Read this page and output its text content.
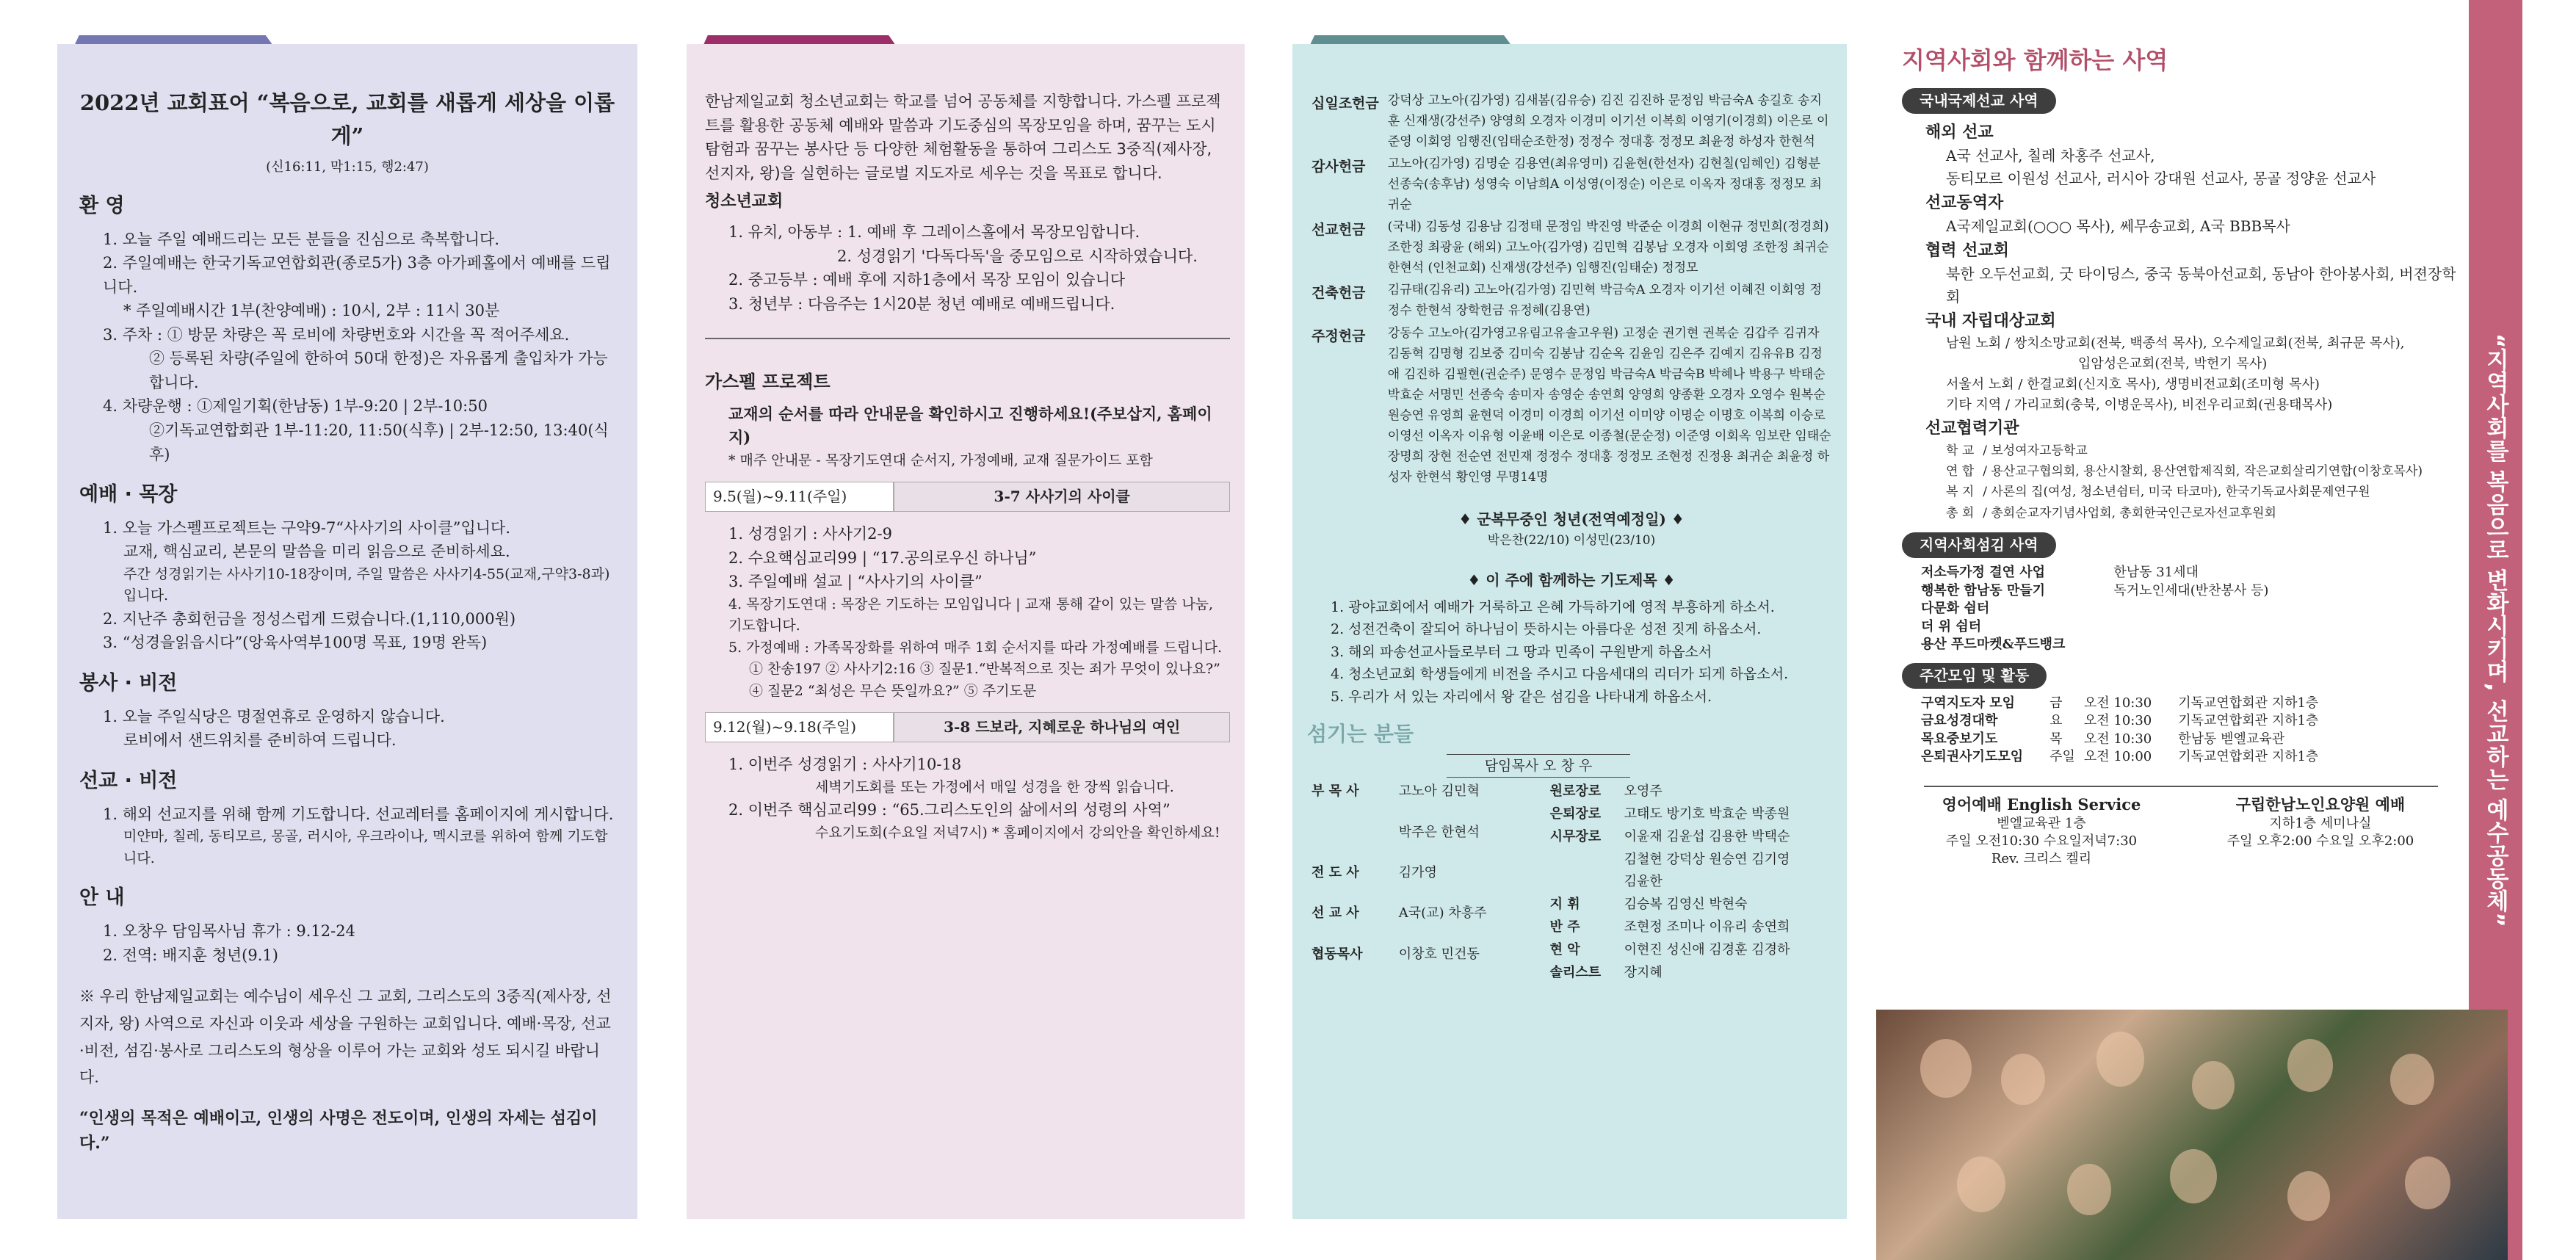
2022년 교회표어 “복음으로, 교회를 새롭게 세상을 이롭게”
(신16:11, 막1:15, 행2:47)
환 영
1. 오늘 주일 예배드리는 모든 분들을 진심으로 축복합니다.
2. 주일예배는 한국기독교연합회관(종로5가) 3층 아가페홀에서 예배를 드립니다.
* 주일예배시간 1부(찬양예배) : 10시, 2부 : 11시 30분
3. 주차 : ① 방문 차량은 꼭 로비에 차량번호와 시간을 꼭 적어주세요.
② 등록된 차량(주일에 한하여 50대 한정)은 자유롭게 출입차가 가능합니다.
4. 차량운행 : ①제일기획(한남동) 1부-9:20 | 2부-10:50
②기독교연합회관 1부-11:20, 11:50(식후) | 2부-12:50, 13:40(식후)
예배 · 목장
1. 오늘 가스펠프로젝트는 구약9-7“사사기의 사이클”입니다.
교재, 핵심교리, 본문의 말씀을 미리 읽음으로 준비하세요.
주간 성경읽기는 사사기10-18장이며, 주일 말씀은 사사기4-55(교재,구약3-8과)입니다.
2. 지난주 총회헌금을 정성스럽게 드렸습니다.(1,110,000원)
3. “성경을읽읍시다”(앙육사역부100명 목표, 19명 완독)
봉사 · 비전
1. 오늘 주일식당은 명절연휴로 운영하지 않습니다.
로비에서 샌드위치를 준비하여 드립니다.
선교 · 비전
1. 해외 선교지를 위해 함께 기도합니다. 선교레터를 홈페이지에 게시합니다.
미얀마, 칠레, 동티모르, 몽골, 러시아, 우크라이나, 멕시코를 위하여 함께 기도합니다.
안 내
1. 오창우 담임목사님 휴가 : 9.12-24
2. 전역: 배지훈 청년(9.1)
※ 우리 한남제일교회는 예수님이 세우신 그 교회, 그리스도의 3중직(제사장, 선지자, 왕) 사역으로 자신과 이웃과 세상을 구원하는 교회입니다. 예배·목장, 선교·비전, 섬김·봉사로 그리스도의 형상을 이루어 가는 교회와 성도 되시길 바랍니다.
“인생의 목적은 예배이고, 인생의 사명은 전도이며, 인생의 자세는 섬김이다.”
한남제일교회 청소년교회는 학교를 넘어 공동체를 지향합니다. 가스펠 프로젝트를 활용한 공동체 예배와 말씀과 기도중심의 목장모임을 하며, 꿈꾸는 도시탐험과 꿈꾸는 봉사단 등 다양한 체험활동을 통하여 그리스도 3중직(제사장, 선지자, 왕)을 실현하는 글로벌 지도자로 세우는 것을 목표로 합니다.
청소년교회
1. 유치, 아동부 : 1. 예배 후 그레이스홀에서 목장모임합니다.
2. 성경읽기 '다독다독'을 중모임으로 시작하였습니다.
2. 중고등부 : 예배 후에 지하1층에서 목장 모임이 있습니다
3. 청년부 : 다음주는 1시20분 청년 예배로 예배드립니다.
가스펠 프로젝트
교재의 순서를 따라 안내문을 확인하시고 진행하세요!(주보삽지, 홈페이지)
* 매주 안내문 - 목장기도연대 순서지, 가정예배, 교재 질문가이드 포함
9.5(월)~9.11(주일)	3-7 사사기의 사이클
1. 성경읽기 : 사사기2-9
2. 수요핵심교리99 | “17.공의로우신 하나님”
3. 주일예배 설교 | “사사기의 사이클”
4. 목장기도연대 : 목장은 기도하는 모임입니다 | 교재 통해 같이 있는 말씀 나눔, 기도합니다.
5. 가정예배 : 가족목장화를 위하여 매주 1회 순서지를 따라 가정예배를 드립니다.
① 찬송197 ② 사사기2:16 ③ 질문1.“반복적으로 짓는 죄가 무엇이 있나요?”
④ 질문2 “최성은 무슨 뜻일까요?” ⑤ 주기도문
9.12(월)~9.18(주일)	3-8 드보라, 지혜로운 하나님의 여인
1. 이번주 성경읽기 : 사사기10-18
세벽기도회를 또는 가정에서 매일 성경을 한 장씩 읽습니다.
2. 이번주 핵심교리99 : “65.그리스도인의 삶에서의 성령의 사역”
수요기도회(수요일 저녁7시) * 홈페이지에서 강의안을 확인하세요!
십일조헌금	강덕상 고노아(김가영) 김새봄(김유승) 김진 김진하 문정임 박금숙A 송길호 송지훈 신재생(강선주) 양영희 오경자 이경미 이기선 이복희 이영기(이경희) 이은로 이준영 이회영 임행진(임태순조한정) 정정수 정대홍 정정모 최윤정 하성자 한현석
감사헌금	고노아(김가영) 김명순 김용연(최유영미) 김윤현(한선자) 김현칠(임혜인) 김형분 선종숙(송후남) 성영숙 이남희A 이성영(이정순) 이은로 이옥자 정대홍 정정모 최귀순
선교헌금	(국내) 김동성 김용남 김정태 문정임 박진영 박준순 이경희 이현규 정민희(정경희) 조한정 최광윤 (해외) 고노아(김가영) 김민혁 김봉남 오경자 이회영 조한정 최귀순 한현석 (인천교회) 신재생(강선주) 임행진(임태순) 정정모
건축헌금	김규태(김유리) 고노아(김가영) 김민혁 박금숙A 오경자 이기선 이혜진 이회영 정정수 한현석 장학헌금 유정혜(김용연)
주정헌금	강동수 고노아(김가영고유림고유솔고우원) 고정순 권기현 권복순 김갑주 김귀자 김동혁 김명형 김보중 김미숙 김봉남 김순옥 김윤임 김은주 김예지 김유유B 김정애 김진하 김필현(권순주) 문영수 문정임 박금숙A 박금숙B 박혜나 박용구 박태순 박효순 서명민 선종숙 송미자 송영순 송연희 양영희 양종환 오경자 오영수 원복순 원승연 유영희 윤현덕 이경미 이경희 이기선 이미양 이명순 이명호 이복희 이승로 이영선 이옥자 이유형 이윤배 이은로 이종철(문순정) 이준영 이회옥 임보란 임태순 장명희 장현 전순연 전민재 정정수 정대홍 정정모 조현정 진정용 최귀순 최윤정 하성자 한현석 황인영 무명14명
♦ 군복무중인 청년(전역예정일) ♦
박은찬(22/10) 이성민(23/10)
♦ 이 주에 함께하는 기도제목 ♦
1. 광야교회에서 예배가 거룩하고 은혜 가득하기에 영적 부흥하게 하소서.
2. 성전건축이 잘되어 하나님이 뜻하시는 아름다운 성전 짓게 하옵소서.
3. 해외 파송선교사들로부터 그 땅과 민족이 구원받게 하옵소서
4. 청소년교회 학생들에게 비전을 주시고 다음세대의 리더가 되게 하옵소서.
5. 우리가 서 있는 자리에서 왕 같은 섬김을 나타내게 하옵소서.
섬기는 분들
담임목사 오 창 우
부 목 사	고노아 김민혁
	박주은 한현석
전 도 사	김가영
선 교 사	A국(교) 차흥주
협동목사	이창호 민건동
원로장로	오영주
은퇴장로	고태도 방기호 박효순 박종원
시무장로	이윤재 김윤섭 김용한 박택순
	김철현 강덕상 원승연 김기영
	김윤한
지 휘	김승복 김영신 박현숙
반 주	조현정 조미나 이유리 송연희
현 악	이현진 성신애 김경훈 김경하
솔리스트	장지혜
지역사회와 함께하는 사역
국내국제선교 사역
해외 선교
A국 선교사, 칠레 차홍주 선교사,
동티모르 이원성 선교사, 러시아 강대원 선교사, 몽골 정양윤 선교사
선교동역자
A국제일교회(○○○ 목사), 쎄무송교회, A국 BBB목사
협력 선교회
북한 오두선교회, 굿 타이딩스, 중국 동북아선교회, 동남아 한아봉사회, 버젼장학회
국내 자립대상교회
남원 노회 / 쌍치소망교회(전북, 백종석 목사), 오수제일교회(전북, 최규문 목사),
입암성은교회(전북, 박헌기 목사)
서울서 노회 / 한결교회(신지호 목사), 생명비전교회(조미형 목사)
기타 지역 / 가리교회(충북, 이병운목사), 비전우리교회(권용태목사)
선교협력기관
학 교	/ 보성여자고등학교
연 합	/ 용산교구협의회, 용산시찰회, 용산연합제직회, 작은교회살리기연합(이창호목사)
복 지	/ 사론의 집(여성, 청소년쉼터, 미국 타코마), 한국기독교사회문제연구원
총 회	/ 총회순교자기념사업회, 총회한국인근로자선교후원회
지역사회섬김 사역
저소득가정 결연 사업	한남동 31세대
행복한 함남동 만들기	독거노인세대(반찬봉사 등)
다문화 쉼터	
더 위 쉼터	
용산 푸드마켓&푸드뱅크	
주간모임 및 활동
구역지도자 모임	금	오전 10:30	기독교연합회관 지하1층
금요성경대학	요	오전 10:30	기독교연합회관 지하1층
목요중보기도	목	오전 10:30	한남동 벧엘교육관
은퇴권사기도모임	주일	오전 10:00	기독교연합회관 지하1층
영어예배 English Service
벧엘교육관 1층
주일 오전10:30 수요일저녁7:30
Rev. 크리스 켈리
구립한남노인요양원 예배
지하1층 세미나실
주일 오후2:00 수요일 오후2:00	“지역사회를 복음으로 변화시키며, 선교하는 예수공동체”
